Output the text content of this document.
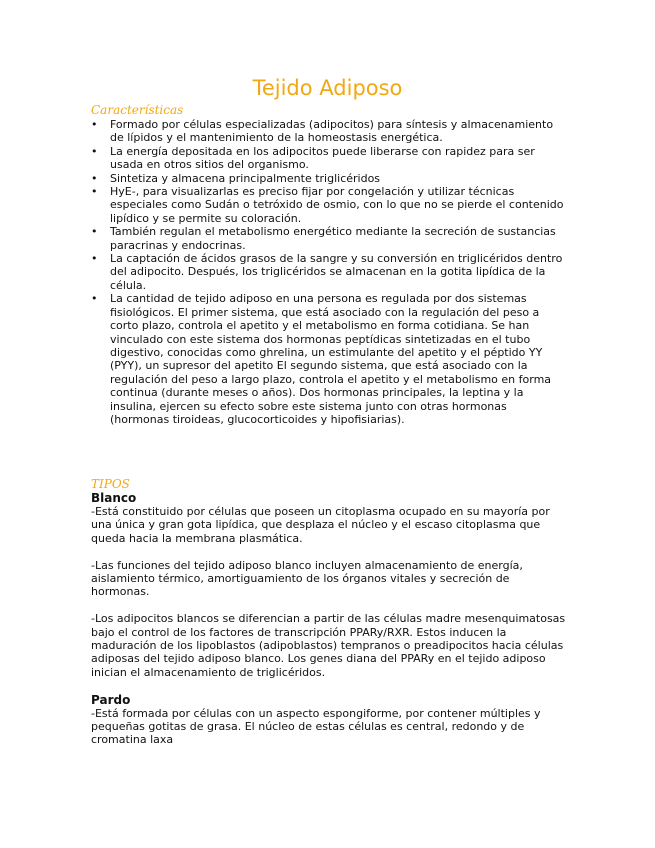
Tejido Adiposo
Características
• Formado por células especializadas (adipocitos) para síntesis y almacenamiento de lípidos y el mantenimiento de la homeostasis energética.
• La energía depositada en los adipocitos puede liberarse con rapidez para ser usada en otros sitios del organismo.
• Sintetiza y almacena principalmente triglicéridos
• HyE-, para visualizarlas es preciso fijar por congelación y utilizar técnicas especiales como Sudán o tetróxido de osmio, con lo que no se pierde el contenido lipídico y se permite su coloración.
• También regulan el metabolismo energético mediante la secreción de sustancias paracrinas y endocrinas.
• La captación de ácidos grasos de la sangre y su conversión en triglicéridos dentro del adipocito. Después, los triglicéridos se almacenan en la gotita lipídica de la célula.
• La cantidad de tejido adiposo en una persona es regulada por dos sistemas fisiológicos. El primer sistema, que está asociado con la regulación del peso a corto plazo, controla el apetito y el metabolismo en forma cotidiana. Se han vinculado con este sistema dos hormonas peptídicas sintetizadas en el tubo digestivo, conocidas como ghrelina, un estimulante del apetito y el péptido YY (PYY), un supresor del apetito El segundo sistema, que está asociado con la regulación del peso a largo plazo, controla el apetito y el metabolismo en forma continua (durante meses o años). Dos hormonas principales, la leptina y la insulina, ejercen su efecto sobre este sistema junto con otras hormonas (hormonas tiroideas, glucocorticoides y hipofisiarias).
TIPOS
Blanco

-Está constituido por células que poseen un citoplasma ocupado en su mayoría por una única y gran gota lipídica, que desplaza el núcleo y el escaso citoplasma que queda hacia la membrana plasmática.

-Las funciones del tejido adiposo blanco incluyen almacenamiento de energía, aislamiento térmico, amortiguamiento de los órganos vitales y secreción de hormonas.

-Los adipocitos blancos se diferencian a partir de las células madre mesenquimatosas bajo el control de los factores de transcripción PPARy/RXR. Estos inducen la maduración de los lipoblastos (adipoblastos) tempranos o preadipocitos hacia células adiposas del tejido adiposo blanco. Los genes diana del PPARy en el tejido adiposo inician el almacenamiento de triglicéridos.

Pardo

-Está formada por células con un aspecto espongiforme, por contener múltiples y pequeñas gotitas de grasa. El núcleo de estas células es central, redondo y de cromatina laxa
